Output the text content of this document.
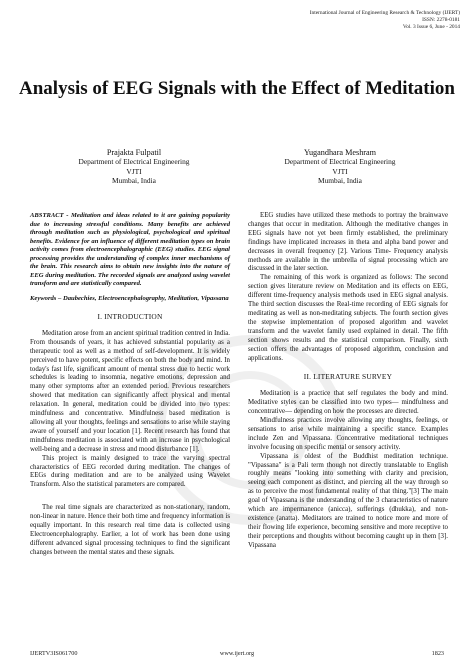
International Journal of Engineering Research & Technology (IJERT)
ISSN: 2278-0181
Vol. 3 Issue 6, June - 2014
Analysis of EEG Signals with the Effect of Meditation
Prajakta Fulpatil
Department of Electrical Engineering
VJTI
Mumbai, India
Yugandhara Meshram
Department of Electrical Engineering
VJTI
Mumbai, India

ABSTRACT - Meditation and ideas related to it are gaining popularity due to increasing stressful conditions. Many benefits are achieved through meditation such as physiological, psychological and spiritual benefits. Evidence for an influence of different meditation types on brain activity comes from electroencephalographic (EEG) studies. EEG signal processing provides the understanding of complex inner mechanisms of the brain. This research aims to obtain new insights into the nature of EEG during meditation. The recorded signals are analyzed using wavelet transform and are statistically compared.

Keywords – Daubechies, Electroencephalography, Meditation, Vipassana

I. INTRODUCTION

Meditation arose from an ancient spiritual tradition centred in India. From thousands of years, it has achieved substantial popularity as a therapeutic tool as well as a method of self-development. It is widely perceived to have potent, specific effects on both the body and mind. In today's fast life, significant amount of mental stress due to hectic work schedules is leading to insomnia, negative emotions, depression and many other symptoms after an extended period. Previous researchers showed that meditation can significantly affect physical and mental relaxation. In general, meditation could be divided into two types: mindfulness and concentrative. Mindfulness based meditation is allowing all your thoughts, feelings and sensations to arise while staying aware of yourself and your location [1]. Recent research has found that mindfulness meditation is associated with an increase in psychological well-being and a decrease in stress and mood disturbance [1].

This project is mainly designed to trace the varying spectral characteristics of EEG recorded during meditation. The changes of EEGs during meditation and are to be analyzed using Wavelet Transform. Also the statistical parameters are compared.

The real time signals are characterized as non-stationary, random, non-linear in nature. Hence their both time and frequency information is equally important. In this research real time data is collected using Electroencephalography. Earlier, a lot of work has been done using different advanced signal processing techniques to find the significant changes between the mental states and these signals.

EEG studies have utilized these methods to portray the brainwave changes that occur in meditation. Although the meditative changes in EEG signals have not yet been firmly established, the preliminary findings have implicated increases in theta and alpha band power and decreases in overall frequency [2]. Various Time- Frequency analysis methods are available in the umbrella of signal processing which are discussed in the later section.

The remaining of this work is organized as follows: The second section gives literature review on Meditation and its effects on EEG, different time-frequency analysis methods used in EEG signal analysis. The third section discusses the Real-time recording of EEG signals for meditating as well as non-meditating subjects. The fourth section gives the stepwise implementation of proposed algorithm and wavelet transform and the wavelet family used explained in detail. The fifth section shows results and the statistical comparison. Finally, sixth section offers the advantages of proposed algorithm, conclusion and applications.

II. LITERATURE SURVEY

Meditation is a practice that self regulates the body and mind. Meditative styles can be classified into two types— mindfulness and concentrative— depending on how the processes are directed.

Mindfulness practices involve allowing any thoughts, feelings, or sensations to arise while maintaining a specific stance. Examples include Zen and Vipassana. Concentrative meditational techniques involve focusing on specific mental or sensory activity.

Vipassana is oldest of the Buddhist meditation technique. "Vipassana" is a Pali term though not directly translatable to English roughly means "looking into something with clarity and precision, seeing each component as distinct, and piercing all the way through so as to perceive the most fundamental reality of that thing."[3] The main goal of Vipassana is the understanding of the 3 characteristics of nature which are impermanence (anicca), sufferings (dhukka), and non-existence (anatta). Meditators are trained to notice more and more of their flowing life experience, becoming sensitive and more receptive to their perceptions and thoughts without becoming caught up in them [3]. Vipassana

IJERTV3IS061700	www.ijert.org	1823
